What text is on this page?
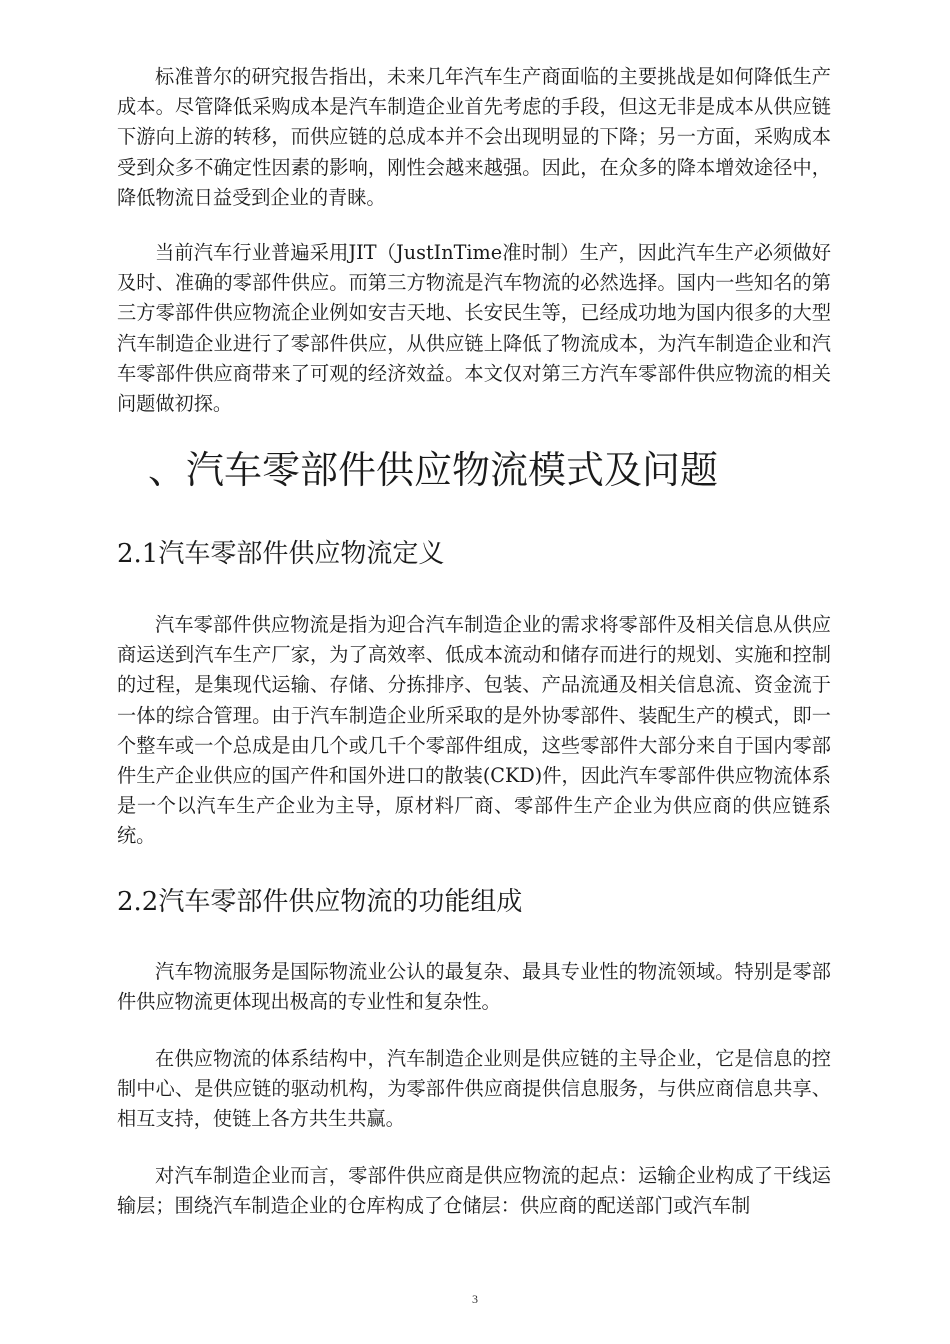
标准普尔的研究报告指出，未来几年汽车生产商面临的主要挑战是如何降低生产成本。尽管降低采购成本是汽车制造企业首先考虑的手段，但这无非是成本从供应链下游向上游的转移，而供应链的总成本并不会出现明显的下降；另一方面，采购成本受到众多不确定性因素的影响，刚性会越来越强。因此，在众多的降本增效途径中，降低物流日益受到企业的青睐。

当前汽车行业普遍采用JIT（JustInTime准时制）生产，因此汽车生产必须做好及时、准确的零部件供应。而第三方物流是汽车物流的必然选择。国内一些知名的第三方零部件供应物流企业例如安吉天地、长安民生等，已经成功地为国内很多的大型汽车制造企业进行了零部件供应，从供应链上降低了物流成本，为汽车制造企业和汽车零部件供应商带来了可观的经济效益。本文仅对第三方汽车零部件供应物流的相关问题做初探。

、汽车零部件供应物流模式及问题
2.1汽车零部件供应物流定义

汽车零部件供应物流是指为迎合汽车制造企业的需求将零部件及相关信息从供应商运送到汽车生产厂家，为了高效率、低成本流动和储存而进行的规划、实施和控制的过程，是集现代运输、存储、分拣排序、包装、产品流通及相关信息流、资金流于一体的综合管理。由于汽车制造企业所采取的是外协零部件、装配生产的模式，即一个整车或一个总成是由几个或几千个零部件组成，这些零部件大部分来自于国内零部件生产企业供应的国产件和国外进口的散装(CKD)件，因此汽车零部件供应物流体系是一个以汽车生产企业为主导，原材料厂商、零部件生产企业为供应商的供应链系统。

2.2汽车零部件供应物流的功能组成

汽车物流服务是国际物流业公认的最复杂、最具专业性的物流领域。特别是零部件供应物流更体现出极高的专业性和复杂性。

在供应物流的体系结构中，汽车制造企业则是供应链的主导企业，它是信息的控制中心、是供应链的驱动机构，为零部件供应商提供信息服务，与供应商信息共享、相互支持，使链上各方共生共赢。

对汽车制造企业而言，零部件供应商是供应物流的起点：运输企业构成了干线运输层；围绕汽车制造企业的仓库构成了仓储层：供应商的配送部门或汽车制

3
